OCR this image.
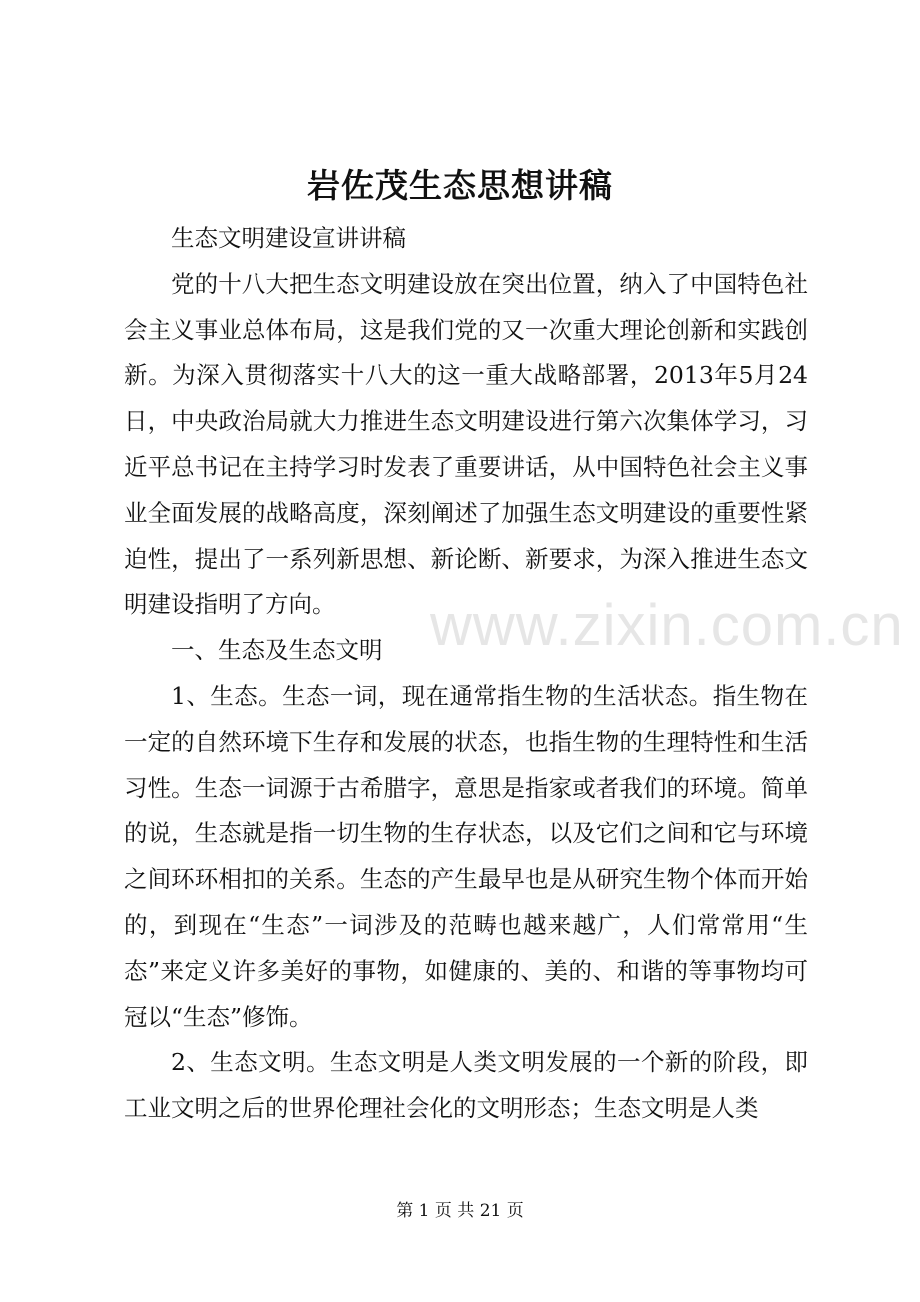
www.zixin.com.cn
岩佐茂生态思想讲稿

生态文明建设宣讲讲稿

党的十八大把生态文明建设放在突出位置，纳入了中国特色社会主义事业总体布局，这是我们党的又一次重大理论创新和实践创新。为深入贯彻落实十八大的这一重大战略部署，2013年5月24日，中央政治局就大力推进生态文明建设进行第六次集体学习，习近平总书记在主持学习时发表了重要讲话，从中国特色社会主义事业全面发展的战略高度，深刻阐述了加强生态文明建设的重要性紧迫性，提出了一系列新思想、新论断、新要求，为深入推进生态文明建设指明了方向。

一、生态及生态文明

1、生态。生态一词，现在通常指生物的生活状态。指生物在一定的自然环境下生存和发展的状态，也指生物的生理特性和生活习性。生态一词源于古希腊字，意思是指家或者我们的环境。简单的说，生态就是指一切生物的生存状态，以及它们之间和它与环境之间环环相扣的关系。生态的产生最早也是从研究生物个体而开始的，到现在“生态”一词涉及的范畴也越来越广，人们常常用“生态”来定义许多美好的事物，如健康的、美的、和谐的等事物均可冠以“生态”修饰。

2、生态文明。生态文明是人类文明发展的一个新的阶段，即工业文明之后的世界伦理社会化的文明形态；生态文明是人类

第 1 页 共 21 页
